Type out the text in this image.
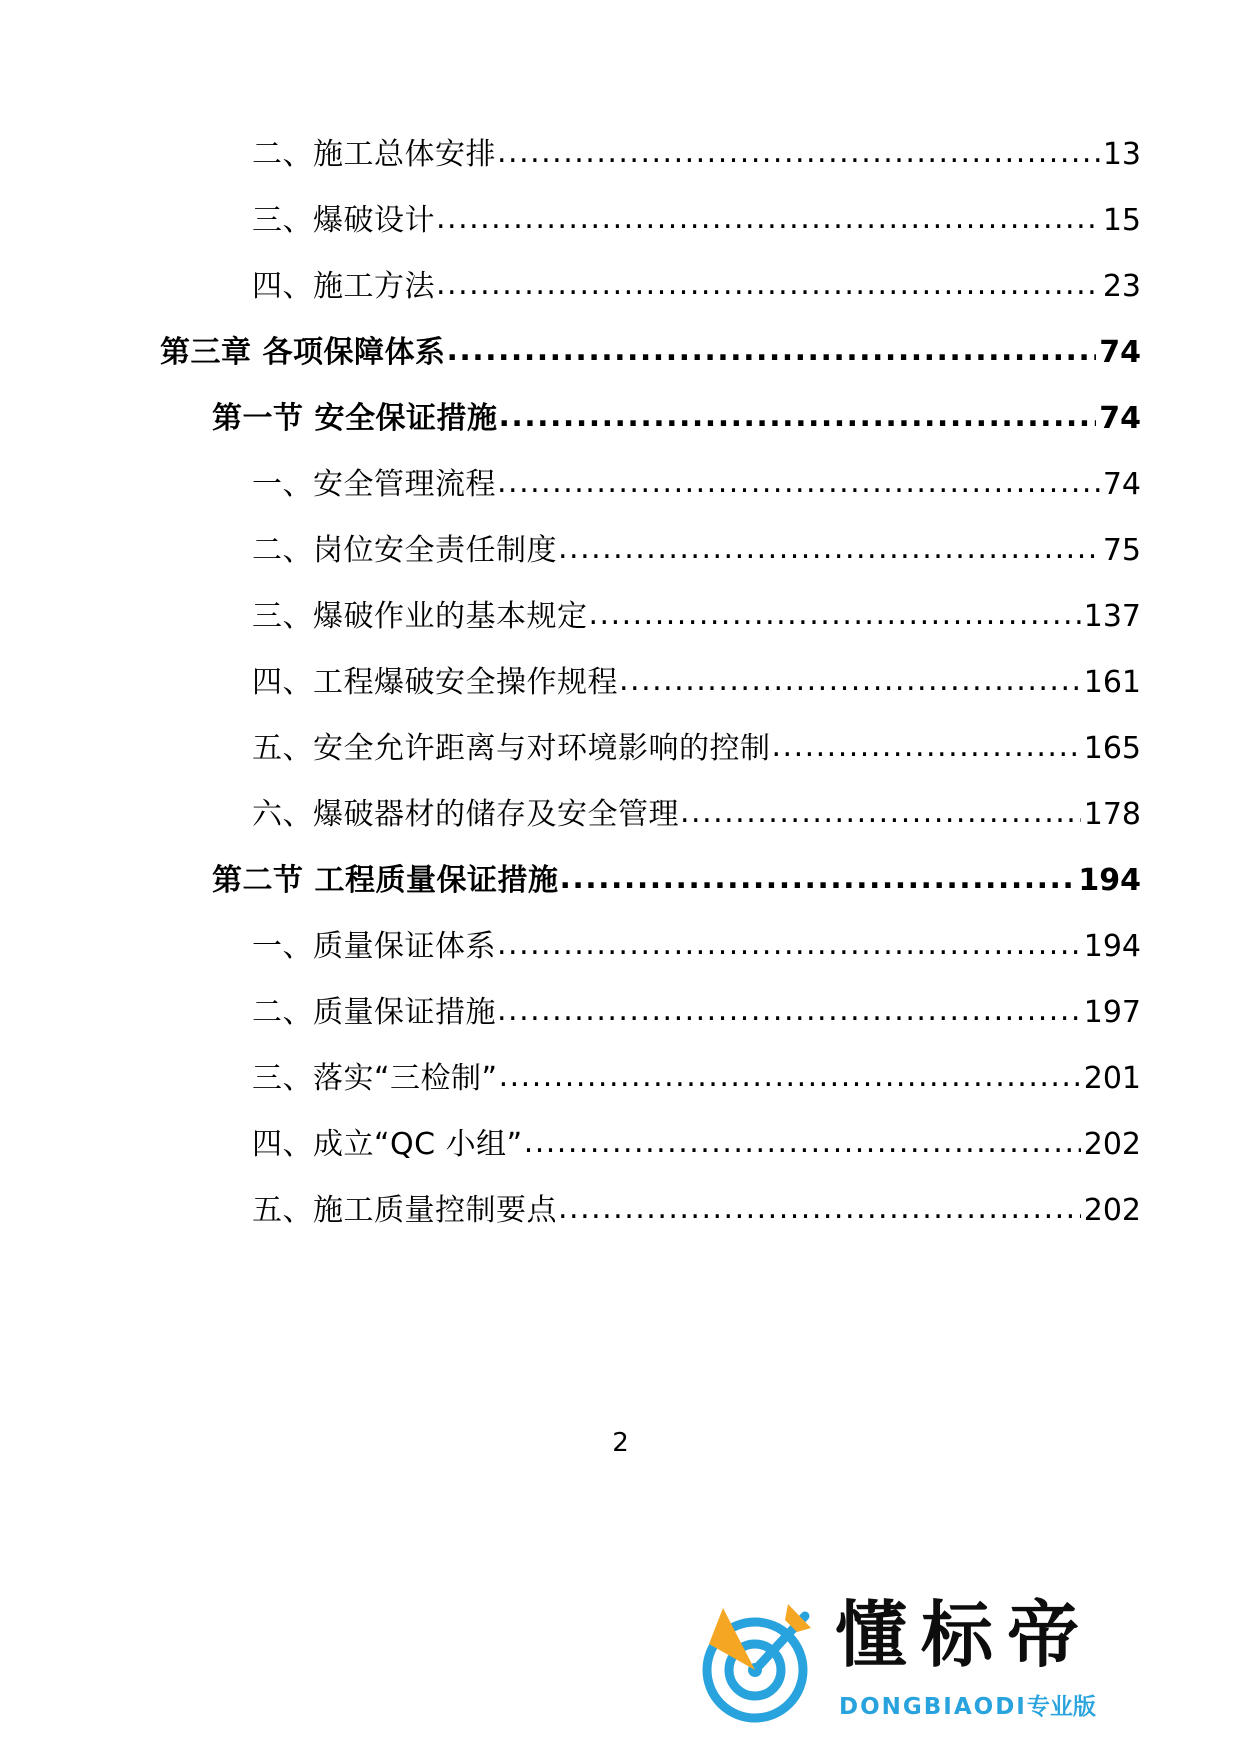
二、施工总体安排 .....	13
三、爆破设计 .....	15
四、施工方法 .....	23
第三章 各项保障体系 .....	74
第一节 安全保证措施 .....	74
一、安全管理流程 .....	74
二、岗位安全责任制度 .....	75
三、爆破作业的基本规定 .....	137
四、工程爆破安全操作规程 .....	161
五、安全允许距离与对环境影响的控制 .....	165
六、爆破器材的储存及安全管理 .....	178
第二节 工程质量保证措施 .....	194
一、质量保证体系 .....	194
二、质量保证措施 .....	197
三、落实“三检制” .....	201
四、成立“QC 小组” .....	202
五、施工质量控制要点 .....	202
2
懂标帝
DONGBIAODI专业版
